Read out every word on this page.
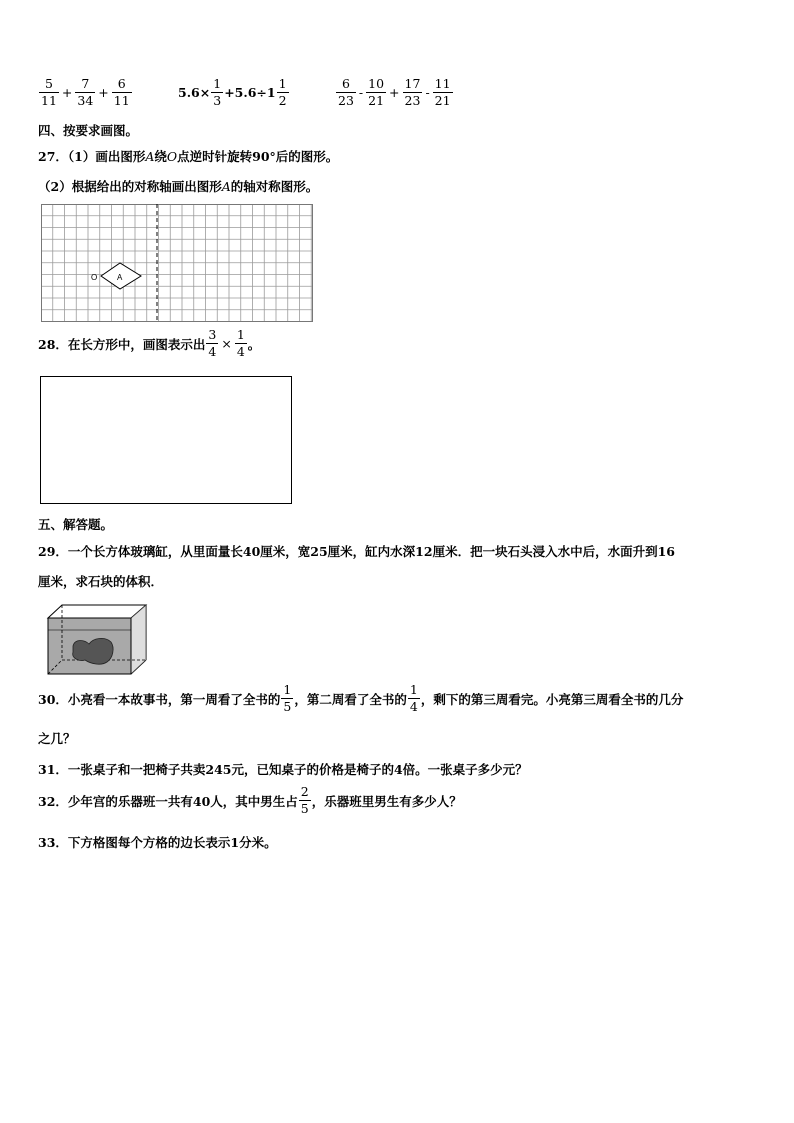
$\frac{5}{11} + \frac{7}{34} + \frac{6}{11}$	$5.6\times \frac{1}{3} +5.6\div 1 \frac{1}{2}$	$\frac{6}{23} - \frac{10}{21} + \frac{17}{23} - \frac{11}{21}$
四、按要求画图。
27．（1）画出图形A绕O点逆时针旋转90°后的图形。
（2）根据给出的对称轴画出图形A的轴对称图形。
O A
28．在长方形中，画图表示出 $\frac{3}{4} \times \frac{1}{4}$ 。
五、解答题。
29．一个长方体玻璃缸，从里面量长40厘米，宽25厘米，缸内水深12厘米．把一块石头浸入水中后，水面升到16
厘米，求石块的体积．
30．小亮看一本故事书，第一周看了全书的 $\frac{1}{5}$ ，第二周看了全书的 $\frac{1}{4}$ ，剩下的第三周看完。小亮第三周看全书的几分
之几？
31．一张桌子和一把椅子共卖245元，已知桌子的价格是椅子的4倍。一张桌子多少元？
32．少年宫的乐器班一共有40人，其中男生占 $\frac{2}{5}$ ，乐器班里男生有多少人？
33．下方格图每个方格的边长表示1分米。
